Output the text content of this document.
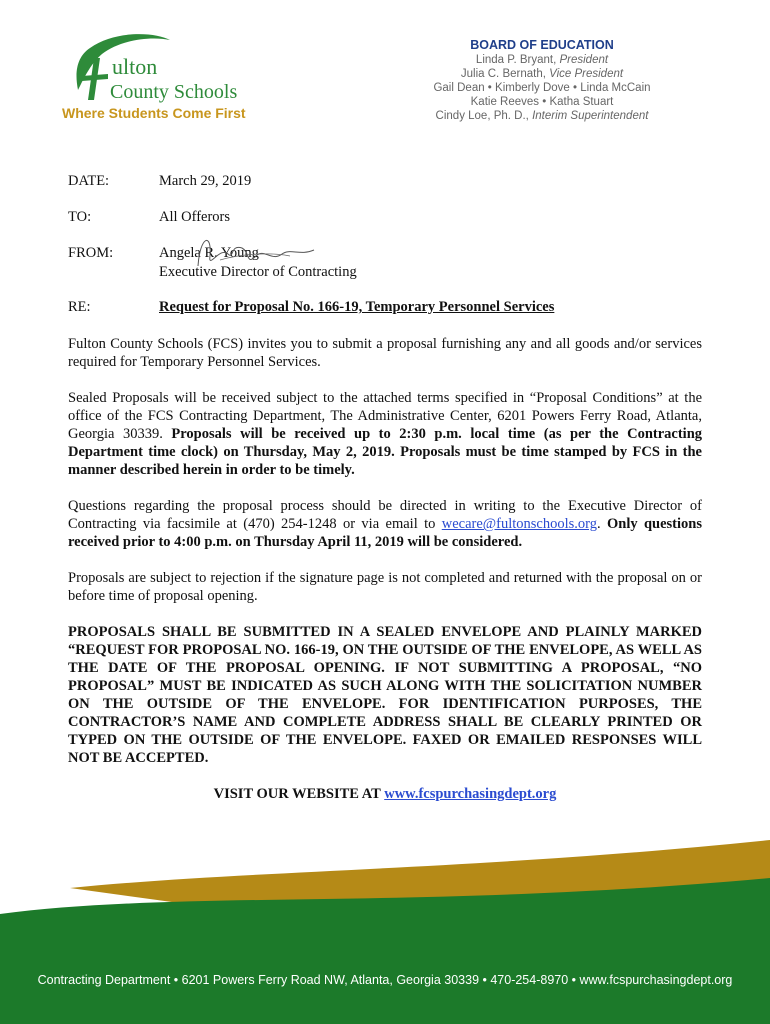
ulton
County Schools
Where Students Come First
BOARD OF EDUCATION
Linda P. Bryant, President
Julia C. Bernath, Vice President
Gail Dean • Kimberly Dove • Linda McCain
Katie Reeves • Katha Stuart
Cindy Loe, Ph. D., Interim Superintendent
DATE:	March 29, 2019
TO:	All Offerors
FROM:	Angela R. Young
Executive Director of Contracting
RE:	Request for Proposal No. 166-19, Temporary Personnel Services
Fulton County Schools (FCS) invites you to submit a proposal furnishing any and all goods and/or services required for Temporary Personnel Services.
Sealed Proposals will be received subject to the attached terms specified in “Proposal Conditions” at the office of the FCS Contracting Department, The Administrative Center, 6201 Powers Ferry Road, Atlanta, Georgia 30339. Proposals will be received up to 2:30 p.m. local time (as per the Contracting Department time clock) on Thursday, May 2, 2019. Proposals must be time stamped by FCS in the manner described herein in order to be timely.
Questions regarding the proposal process should be directed in writing to the Executive Director of Contracting via facsimile at (470) 254-1248 or via email to wecare@fultonschools.org. Only questions received prior to 4:00 p.m. on Thursday April 11, 2019 will be considered.
Proposals are subject to rejection if the signature page is not completed and returned with the proposal on or before time of proposal opening.
PROPOSALS SHALL BE SUBMITTED IN A SEALED ENVELOPE AND PLAINLY MARKED “REQUEST FOR PROPOSAL NO. 166-19, ON THE OUTSIDE OF THE ENVELOPE, AS WELL AS THE DATE OF THE PROPOSAL OPENING. IF NOT SUBMITTING A PROPOSAL, “NO PROPOSAL” MUST BE INDICATED AS SUCH ALONG WITH THE SOLICITATION NUMBER ON THE OUTSIDE OF THE ENVELOPE. FOR IDENTIFICATION PURPOSES, THE CONTRACTOR’S NAME AND COMPLETE ADDRESS SHALL BE CLEARLY PRINTED OR TYPED ON THE OUTSIDE OF THE ENVELOPE. FAXED OR EMAILED RESPONSES WILL NOT BE ACCEPTED.
VISIT OUR WEBSITE AT www.fcspurchasingdept.org
Contracting Department • 6201 Powers Ferry Road NW, Atlanta, Georgia 30339 • 470-254-8970 • www.fcspurchasingdept.org
